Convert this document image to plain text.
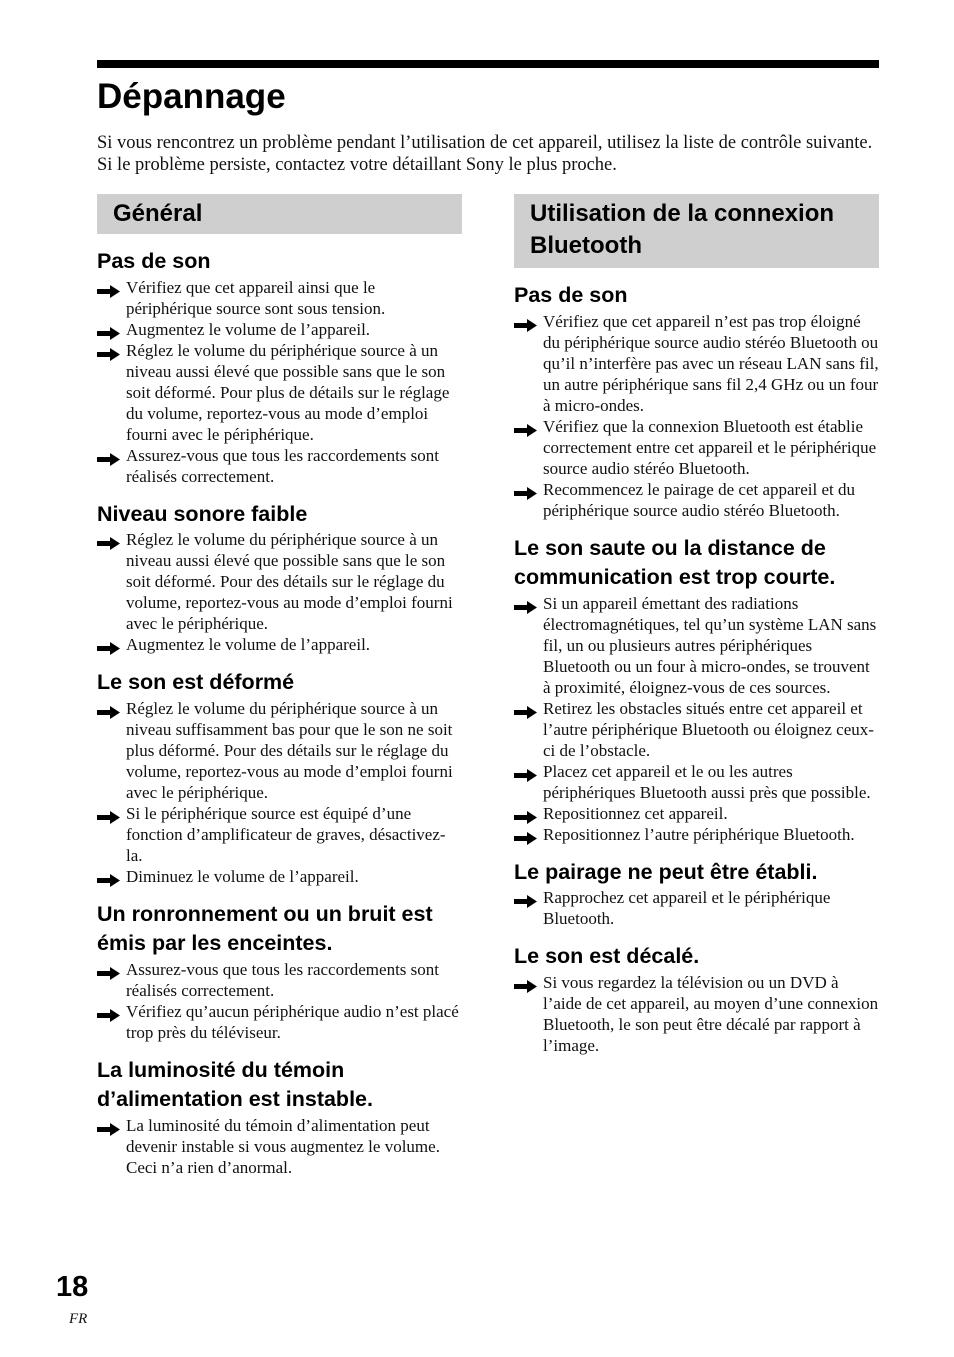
Dépannage

Si vous rencontrez un problème pendant l’utilisation de cet appareil, utilisez la liste de contrôle suivante. Si le problème persiste, contactez votre détaillant Sony le plus proche.

Général
Pas de son
Vérifiez que cet appareil ainsi que le périphérique source sont sous tension.
Augmentez le volume de l’appareil.
Réglez le volume du périphérique source à un niveau aussi élevé que possible sans que le son soit déformé. Pour plus de détails sur le réglage du volume, reportez-vous au mode d’emploi fourni avec le périphérique.
Assurez-vous que tous les raccordements sont réalisés correctement.
Niveau sonore faible
Réglez le volume du périphérique source à un niveau aussi élevé que possible sans que le son soit déformé. Pour des détails sur le réglage du volume, reportez-vous au mode d’emploi fourni avec le périphérique.
Augmentez le volume de l’appareil.
Le son est déformé
Réglez le volume du périphérique source à un niveau suffisamment bas pour que le son ne soit plus déformé. Pour des détails sur le réglage du volume, reportez-vous au mode d’emploi fourni avec le périphérique.
Si le périphérique source est équipé d’une fonction d’amplificateur de graves, désactivez-la.
Diminuez le volume de l’appareil.
Un ronronnement ou un bruit est émis par les enceintes.
Assurez-vous que tous les raccordements sont réalisés correctement.
Vérifiez qu’aucun périphérique audio n’est placé trop près du téléviseur.
La luminosité du témoin d’alimentation est instable.
La luminosité du témoin d’alimentation peut devenir instable si vous augmentez le volume. Ceci n’a rien d’anormal.
Utilisation de la connexion Bluetooth
Pas de son
Vérifiez que cet appareil n’est pas trop éloigné du périphérique source audio stéréo Bluetooth ou qu’il n’interfère pas avec un réseau LAN sans fil, un autre périphérique sans fil 2,4 GHz ou un four à micro-ondes.
Vérifiez que la connexion Bluetooth est établie correctement entre cet appareil et le périphérique source audio stéréo Bluetooth.
Recommencez le pairage de cet appareil et du périphérique source audio stéréo Bluetooth.
Le son saute ou la distance de communication est trop courte.
Si un appareil émettant des radiations électromagnétiques, tel qu’un système LAN sans fil, un ou plusieurs autres périphériques Bluetooth ou un four à micro-ondes, se trouvent à proximité, éloignez-vous de ces sources.
Retirez les obstacles situés entre cet appareil et l’autre périphérique Bluetooth ou éloignez ceux-ci de l’obstacle.
Placez cet appareil et le ou les autres périphériques Bluetooth aussi près que possible.
Repositionnez cet appareil.
Repositionnez l’autre périphérique Bluetooth.
Le pairage ne peut être établi.
Rapprochez cet appareil et le périphérique Bluetooth.
Le son est décalé.
Si vous regardez la télévision ou un DVD à l’aide de cet appareil, au moyen d’une connexion Bluetooth, le son peut être décalé par rapport à l’image.
18
FR
